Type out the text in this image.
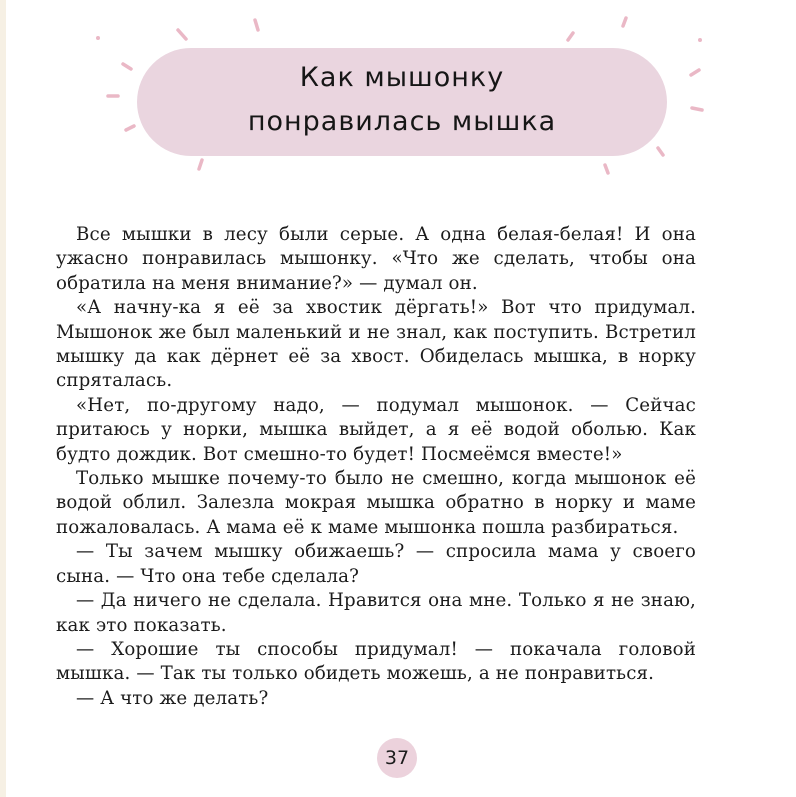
Как мышонку
понравилась мышка

Все мышки в лесу были серые. А одна белая-белая! И она ужасно понравилась мышонку. «Что же сделать, чтобы она обратила на меня внимание?» — думал он.

«А начну-ка я её за хвостик дёргать!» Вот что придумал. Мышонок же был маленький и не знал, как поступить. Встретил мышку да как дёрнет её за хвост. Обиделась мышка, в норку спряталась.

«Нет, по-другому надо, — подумал мышонок. — Сейчас притаюсь у норки, мышка выйдет, а я её водой оболью. Как будто дождик. Вот смешно-то будет! Посмеёмся вместе!»

Только мышке почему-то было не смешно, когда мышонок её водой облил. Залезла мокрая мышка обратно в норку и маме пожаловалась. А мама её к маме мышонка пошла разбираться.

— Ты зачем мышку обижаешь? — спросила мама у своего сына. — Что она тебе сделала?

— Да ничего не сделала. Нравится она мне. Только я не знаю, как это показать.

— Хорошие ты способы придумал! — покачала головой мышка. — Так ты только обидеть можешь, а не понравиться.

— А что же делать?

37
